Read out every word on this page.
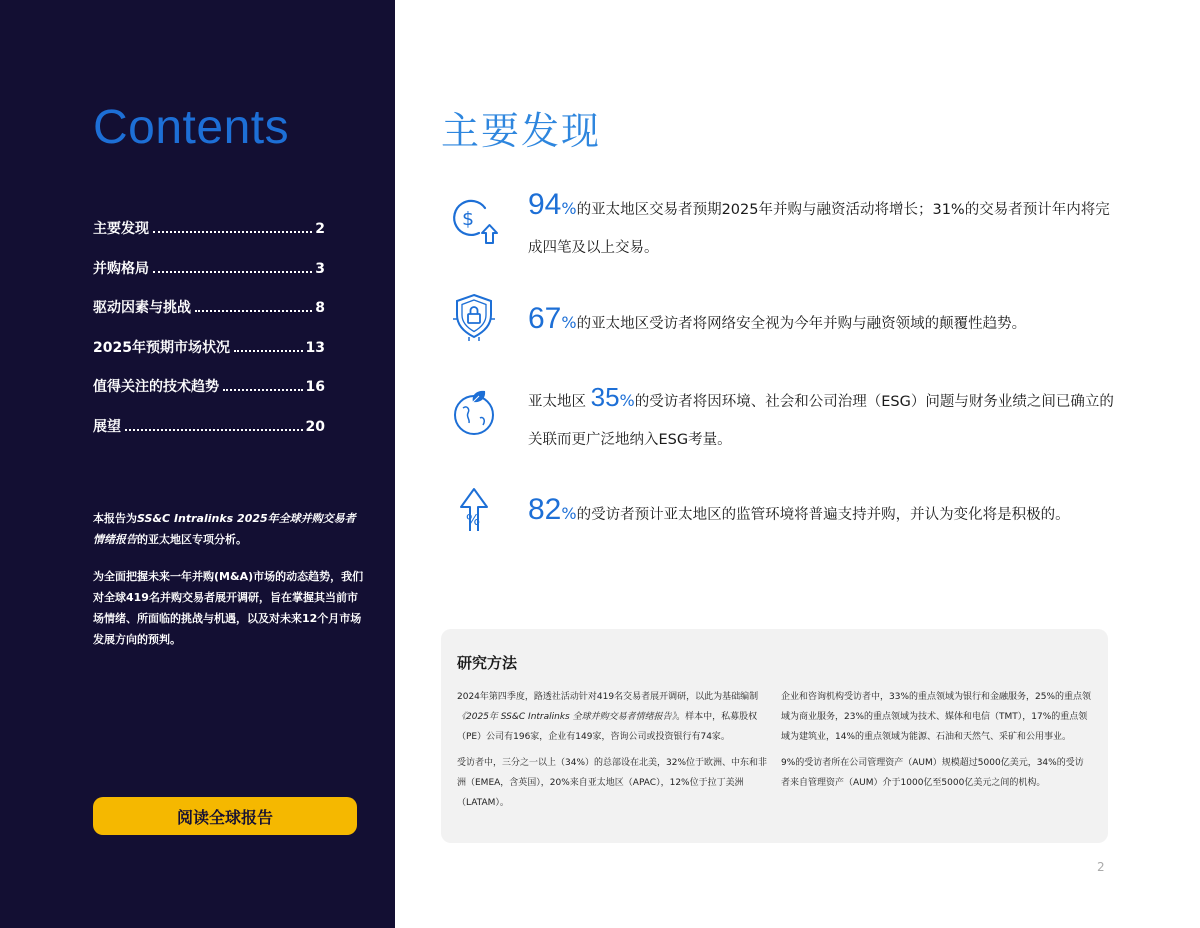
Contents
主要发现	2
并购格局	3
驱动因素与挑战	8
2025年预期市场状况	13
值得关注的技术趋势	16
展望	20

本报告为SS&C Intralinks 2025年全球并购交易者情绪报告的亚太地区专项分析。

为全面把握未来一年并购(M&A)市场的动态趋势，我们对全球419名并购交易者展开调研，旨在掌握其当前市场情绪、所面临的挑战与机遇，以及对未来12个月市场发展方向的预判。

阅读全球报告
主要发现
$ 94%的亚太地区交易者预期2025年并购与融资活动将增长；31%的交易者预计年内将完成四笔及以上交易。
67%的亚太地区受访者将网络安全视为今年并购与融资领域的颠覆性趋势。
亚太地区 35%的受访者将因环境、社会和公司治理（ESG）问题与财务业绩之间已确立的关联而更广泛地纳入ESG考量。
% 82%的受访者预计亚太地区的监管环境将普遍支持并购，并认为变化将是积极的。
研究方法

2024年第四季度，路透社活动针对419名交易者展开调研，以此为基础编制《2025年 SS&C Intralinks 全球并购交易者情绪报告》。样本中，私募股权（PE）公司有196家，企业有149家，咨询公司或投资银行有74家。

受访者中，三分之一以上（34%）的总部设在北美，32%位于欧洲、中东和非洲（EMEA，含英国），20%来自亚太地区（APAC），12%位于拉丁美洲（LATAM）。

企业和咨询机构受访者中，33%的重点领域为银行和金融服务，25%的重点领域为商业服务，23%的重点领域为技术、媒体和电信（TMT），17%的重点领域为建筑业，14%的重点领域为能源、石油和天然气、采矿和公用事业。

9%的受访者所在公司管理资产（AUM）规模超过5000亿美元，34%的受访者来自管理资产（AUM）介于1000亿至5000亿美元之间的机构。

2
